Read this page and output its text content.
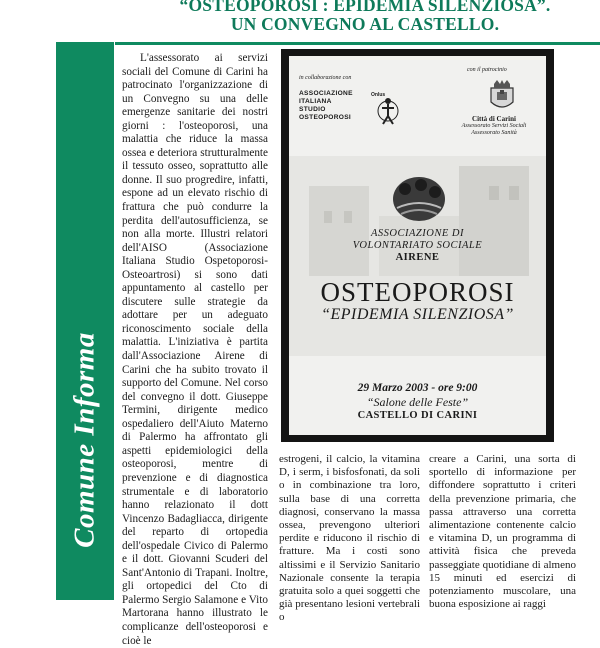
“OSTEOPOROSI : EPIDEMIA SILENZIOSA”.
UN CONVEGNO AL CASTELLO.
Comune Informa

L'assessorato ai servizi sociali del Comune di Carini ha patrocinato l'organizzazione di un Convegno su una delle emergenze sanitarie dei nostri giorni : l'osteoporosi, una malattia che riduce la massa ossea e deteriora strutturalmente il tessuto osseo, soprattutto alle donne. Il suo progredire, infatti, espone ad un elevato rischio di frattura che può condurre la perdita dell'autosufficienza, se non alla morte. Illustri relatori dell'AISO (Associazione Italiana Studio Ospetoporosi-Osteoartrosi) si sono dati appuntamento al castello per discutere sulle strategie da adottare per un adeguato riconoscimento sociale della malattia. L'iniziativa è partita dall'Associazione Airene di Carini che ha subito trovato il supporto del Comune. Nel corso del convegno il dott. Giuseppe Termini, dirigente medico ospedaliero dell'Aiuto Materno di Palermo ha affrontato gli aspetti epidemiologici della osteoporosi, mentre di prevenzione e di diagnostica strumentale e di laboratorio hanno relazionato il dott Vincenzo Badagliacca, dirigente del reparto di ortopedia dell'ospedale Civico di Palermo e il dott. Giovanni Scuderi del Sant'Antonio di Trapani. Inoltre, gli ortopedici del Cto di Palermo Sergio Salamone e Vito Martorana hanno illustrato le complicanze dell'osteoporosi e cioè le

in collaborazione con
con il patrocinio
ASSOCIAZIONE
ITALIANA
STUDIO
OSTEOPOROSI
Onlus
Città di Carini
Assessorato Servizi Sociali
Assessorato Sanità
ASSOCIAZIONE DI
VOLONTARIATO SOCIALE
AIRENE
OSTEOPOROSI
“EPIDEMIA SILENZIOSA”
29 Marzo 2003 - ore 9:00
“Salone delle Feste”
CASTELLO DI CARINI

estrogeni, il calcio, la vitamina D, i serm, i bisfosfonati, da soli o in combinazione tra loro, sulla base di una corretta diagnosi, conservano la massa ossea, prevengono ulteriori perdite e riducono il rischio di fratture. Ma i costi sono altissimi e il Servizio Sanitario Nazionale consente la terapia gratuita solo a quei soggetti che già presentano lesioni vertebrali o

creare a Carini, una sorta di sportello di informazione per diffondere soprattutto i criteri della prevenzione primaria, che passa attraverso una corretta alimentazione contenente calcio e vitamina D, un programma di attività fisica che preveda passeggiate quotidiane di almeno 15 minuti ed esercizi di potenziamento muscolare, una buona esposizione ai raggi
